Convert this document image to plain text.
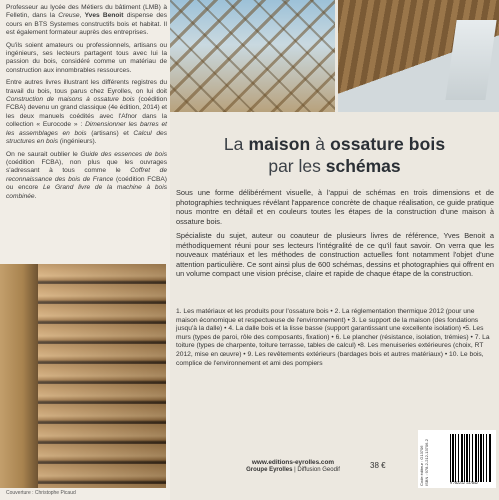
Professeur au lycée des Métiers du bâtiment (LMB) à Felletin, dans la Creuse, Yves Benoit dispense des cours en BTS Systemes constructifs bois et habitat. Il est également formateur auprès des entreprises.

Qu'ils soient amateurs ou professionnels, artisans ou ingénieurs, ses lecteurs partagent tous avec lui la passion du bois, considéré comme un matériau de construction aux innombrables ressources.

Entre autres livres illustrant les différents registres du travail du bois, tous parus chez Eyrolles, on lui doit Construction de maisons à ossature bois (coédition FCBA) devenu un grand classique (4e édition, 2014) et les deux manuels coédités avec l'Afnor dans la collection « Eurocode » : Dimensionner les barres et les assemblages en bois (artisans) et Calcul des structures en bois (ingénieurs).

On ne saurait oublier le Guide des essences de bois (coédition FCBA), non plus que les ouvrages s'adressant à tous comme le Coffret de reconnaissance des bois de France (coédition FCBA) ou encore Le Grand livre de la machine à bois combinée.

Couverture : Christophe Picaud
La maison à ossature bois
par les schémas

Sous une forme délibérément visuelle, à l'appui de schémas en trois dimensions et de photographies techniques révélant l'apparence concrète de chaque réalisation, ce guide pratique nous montre en détail et en couleurs toutes les étapes de la construction d'une maison à ossature bois.

Spécialiste du sujet, auteur ou coauteur de plusieurs livres de référence, Yves Benoit a méthodiquement réuni pour ses lecteurs l'intégralité de ce qu'il faut savoir. On verra que les nouveaux matériaux et les méthodes de construction actuelles font notamment l'objet d'une attention particulière. Ce sont ainsi plus de 600 schémas, dessins et photographies qui offrent en un volume compact une vision précise, claire et rapide de chaque étape de la construction.

1. Les matériaux et les produits pour l'ossature bois • 2. La réglementation thermique 2012 (pour une maison économique et respectueuse de l'environnement) • 3. Le support de la maison (des fondations jusqu'à la dalle) • 4. La dalle bois et la lisse basse (support garantissant une excellente isolation) •5. Les murs (types de paroi, rôle des composants, fixation) • 6. Le plancher (résistance, isolation, trémies) • 7. La toiture (types de charpente, toiture terrasse, tables de calcul) •8. Les menuiseries extérieures (choix, RT 2012, mise en œuvre) • 9. Les revêtements extérieurs (bardages bois et autres matériaux) • 10. Le bois, complice de l'environnement et ami des pompiers
www.editions-eyrolles.com
Groupe Eyrolles | Diffusion Geodif	38 €	Code éditeur : G13706 ISBN : 978-2-212-13706-2	9 782212 137842
